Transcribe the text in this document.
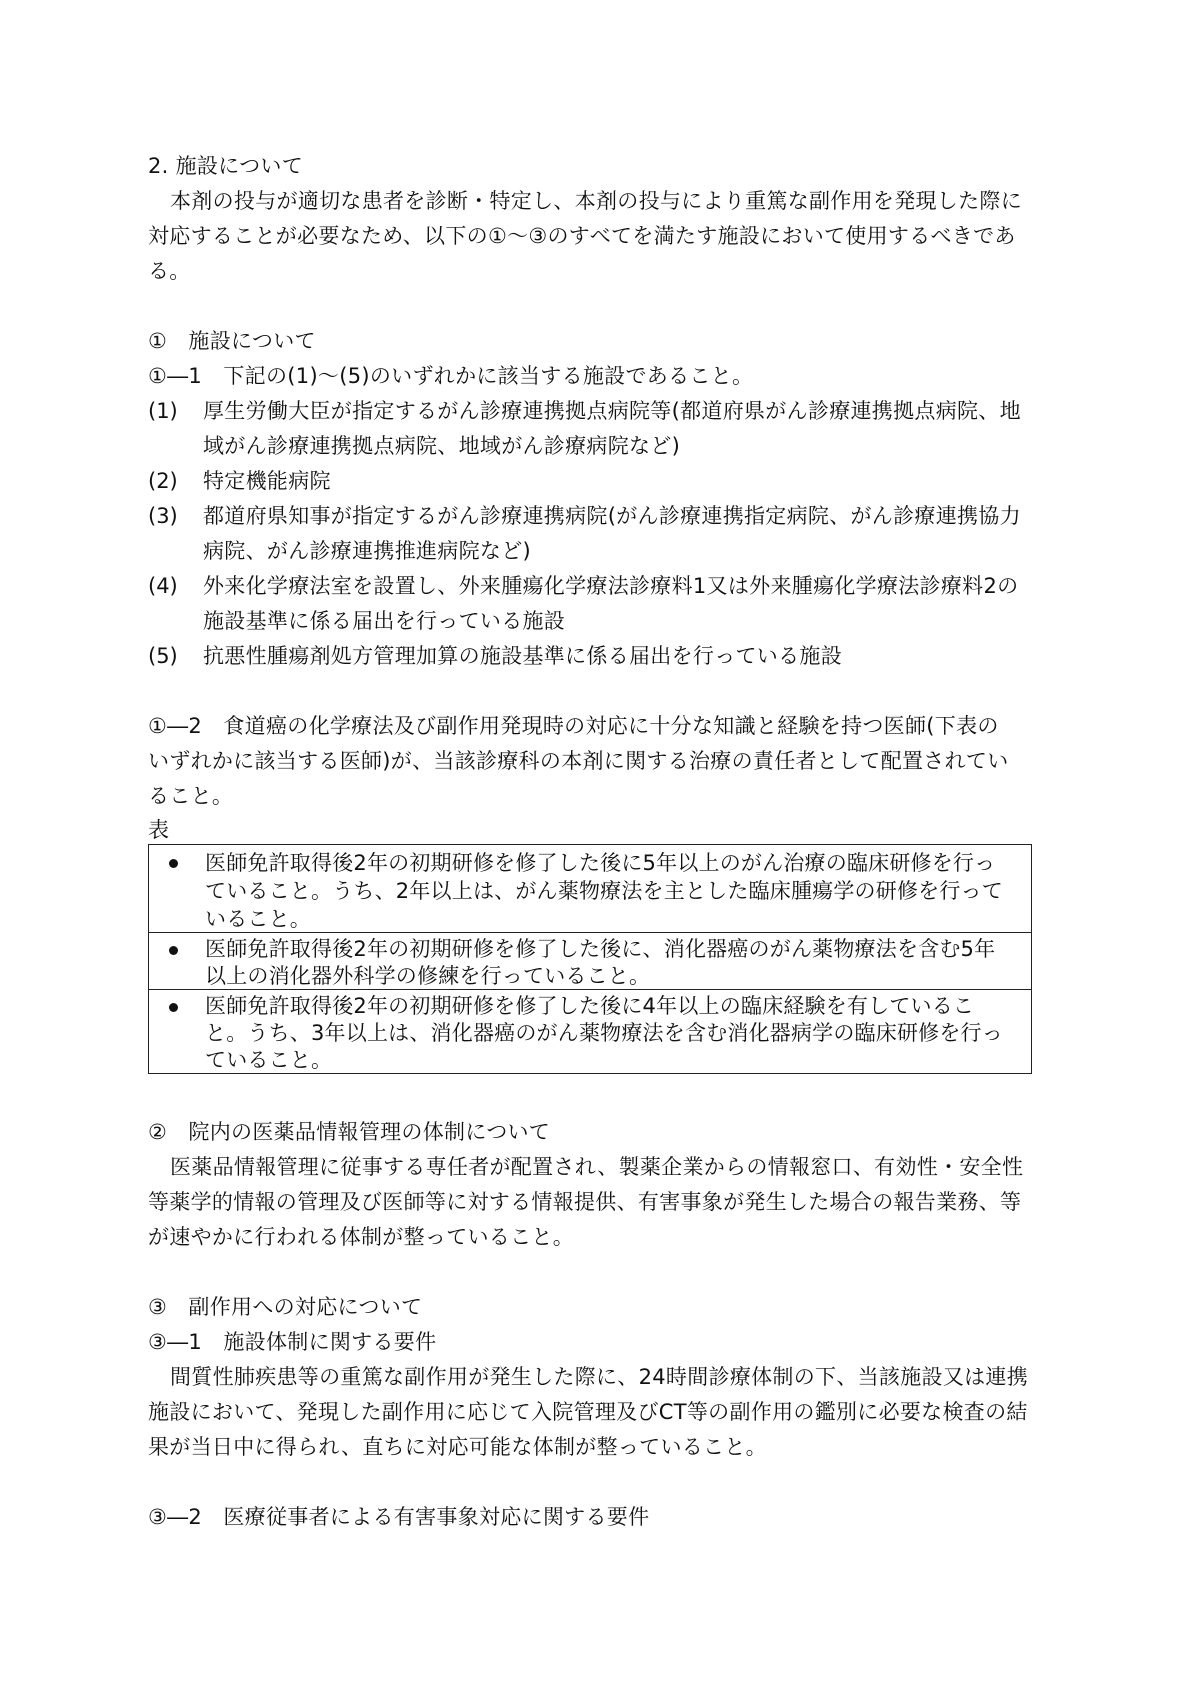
2. 施設について
本剤の投与が適切な患者を診断・特定し、本剤の投与により重篤な副作用を発現した際に
対応することが必要なため、以下の①～③のすべてを満たす施設において使用するべきであ
る。
①　施設について
①―1　下記の(1)～(5)のいずれかに該当する施設であること。
(1) 厚生労働大臣が指定するがん診療連携拠点病院等(都道府県がん診療連携拠点病院、地
域がん診療連携拠点病院、地域がん診療病院など)
(2) 特定機能病院
(3) 都道府県知事が指定するがん診療連携病院(がん診療連携指定病院、がん診療連携協力
病院、がん診療連携推進病院など)
(4) 外来化学療法室を設置し、外来腫瘍化学療法診療料1又は外来腫瘍化学療法診療料2の
施設基準に係る届出を行っている施設
(5) 抗悪性腫瘍剤処方管理加算の施設基準に係る届出を行っている施設
①―2　食道癌の化学療法及び副作用発現時の対応に十分な知識と経験を持つ医師(下表の
いずれかに該当する医師)が、当該診療科の本剤に関する治療の責任者として配置されてい
ること。
表
医師免許取得後2年の初期研修を修了した後に5年以上のがん治療の臨床研修を行っ
ていること。うち、2年以上は、がん薬物療法を主とした臨床腫瘍学の研修を行って
いること。
医師免許取得後2年の初期研修を修了した後に、消化器癌のがん薬物療法を含む5年
以上の消化器外科学の修練を行っていること。
医師免許取得後2年の初期研修を修了した後に4年以上の臨床経験を有しているこ
と。うち、3年以上は、消化器癌のがん薬物療法を含む消化器病学の臨床研修を行っ
ていること。
②　院内の医薬品情報管理の体制について
医薬品情報管理に従事する専任者が配置され、製薬企業からの情報窓口、有効性・安全性
等薬学的情報の管理及び医師等に対する情報提供、有害事象が発生した場合の報告業務、等
が速やかに行われる体制が整っていること。
③　副作用への対応について
③―1　施設体制に関する要件
間質性肺疾患等の重篤な副作用が発生した際に、24時間診療体制の下、当該施設又は連携
施設において、発現した副作用に応じて入院管理及びCT等の副作用の鑑別に必要な検査の結
果が当日中に得られ、直ちに対応可能な体制が整っていること。
③―2　医療従事者による有害事象対応に関する要件
